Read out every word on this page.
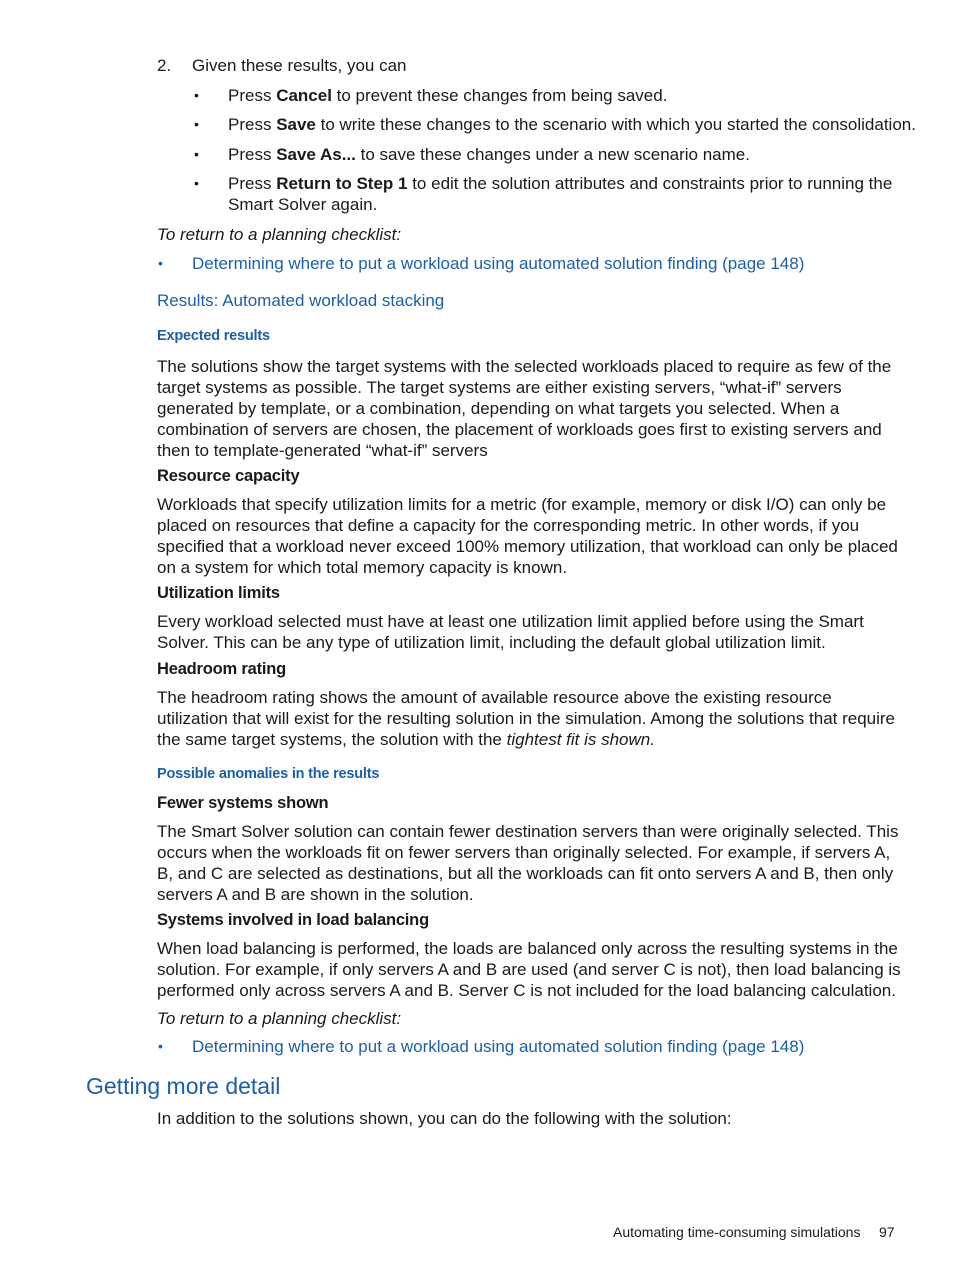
2. Given these results, you can
• Press Cancel to prevent these changes from being saved.
• Press Save to write these changes to the scenario with which you started the consolidation.
• Press Save As... to save these changes under a new scenario name.
• Press Return to Step 1 to edit the solution attributes and constraints prior to running the Smart Solver again.
To return to a planning checklist:
• Determining where to put a workload using automated solution finding (page 148)
Results: Automated workload stacking
Expected results
The solutions show the target systems with the selected workloads placed to require as few of the target systems as possible. The target systems are either existing servers, “what-if” servers generated by template, or a combination, depending on what targets you selected. When a combination of servers are chosen, the placement of workloads goes first to existing servers and then to template-generated “what-if” servers
Resource capacity
Workloads that specify utilization limits for a metric (for example, memory or disk I/O) can only be placed on resources that define a capacity for the corresponding metric. In other words, if you specified that a workload never exceed 100% memory utilization, that workload can only be placed on a system for which total memory capacity is known.
Utilization limits
Every workload selected must have at least one utilization limit applied before using the Smart Solver. This can be any type of utilization limit, including the default global utilization limit.
Headroom rating
The headroom rating shows the amount of available resource above the existing resource utilization that will exist for the resulting solution in the simulation. Among the solutions that require the same target systems, the solution with the tightest fit is shown.
Possible anomalies in the results
Fewer systems shown
The Smart Solver solution can contain fewer destination servers than were originally selected. This occurs when the workloads fit on fewer servers than originally selected. For example, if servers A, B, and C are selected as destinations, but all the workloads can fit onto servers A and B, then only servers A and B are shown in the solution.
Systems involved in load balancing
When load balancing is performed, the loads are balanced only across the resulting systems in the solution. For example, if only servers A and B are used (and server C is not), then load balancing is performed only across servers A and B. Server C is not included for the load balancing calculation.
To return to a planning checklist:
• Determining where to put a workload using automated solution finding (page 148)
Getting more detail
In addition to the solutions shown, you can do the following with the solution:
Automating time-consuming simulations 97
